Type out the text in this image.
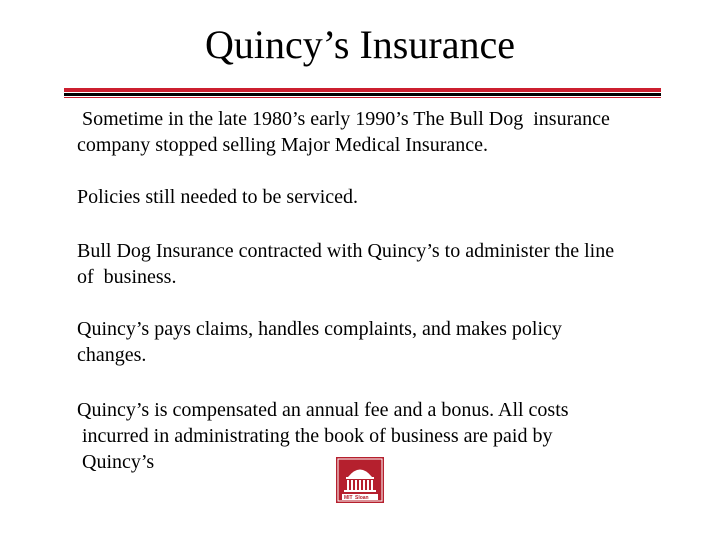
Quincy’s Insurance
Sometime in the late 1980’s early 1990’s The Bull Dog  insurance
company stopped selling Major Medical Insurance.
Policies still needed to be serviced.
Bull Dog Insurance contracted with Quincy’s to administer the line
of  business.
Quincy’s pays claims, handles complaints, and makes policy
changes.
Quincy’s is compensated an annual fee and a bonus. All costs
incurred in administrating the book of business are paid by
Quincy’s
MIT Sloan
